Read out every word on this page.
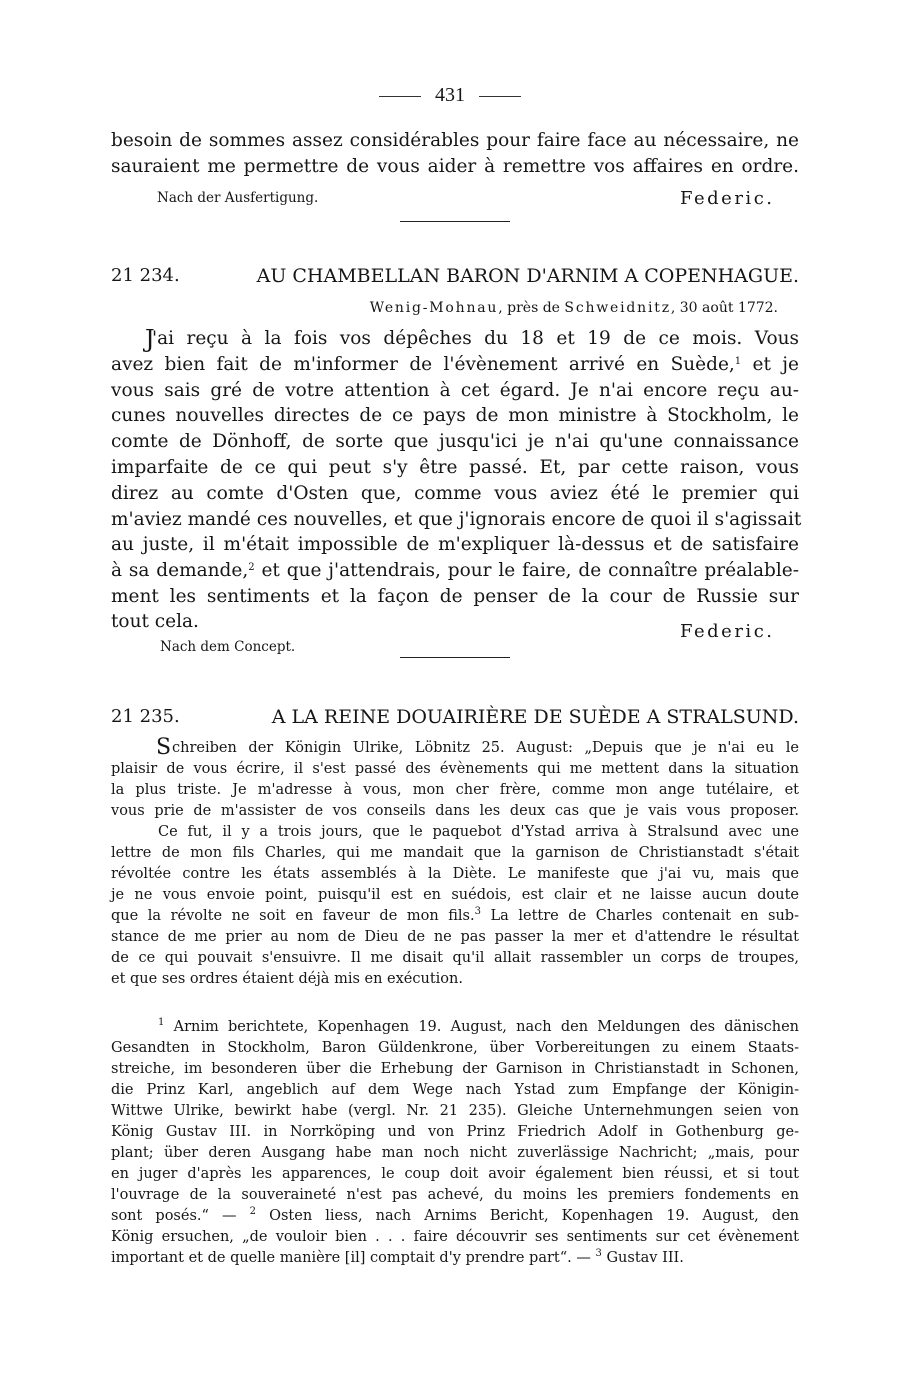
431
besoin de sommes assez considérables pour faire face au nécessaire, ne
sauraient me permettre de vous aider à remettre vos affaires en ordre.
Nach der Ausfertigung.	Federic.
21 234.	AU CHAMBELLAN BARON D'ARNIM A COPENHAGUE.
Wenig-Mohnau, près de Schweidnitz, 30 août 1772.
J
'ai reçu à la fois vos dépêches du 18 et 19 de ce mois. Vous
avez bien fait de m'informer de l'évènement arrivé en Suède,$^1$ et je
vous sais gré de votre attention à cet égard. Je n'ai encore reçu au-
cunes nouvelles directes de ce pays de mon ministre à Stockholm, le
comte de Dönhoff, de sorte que jusqu'ici je n'ai qu'une connaissance
imparfaite de ce qui peut s'y être passé. Et, par cette raison, vous
direz au comte d'Osten que, comme vous aviez été le premier qui
m'aviez mandé ces nouvelles, et que j'ignorais encore de quoi il s'agissait
au juste, il m'était impossible de m'expliquer là-dessus et de satisfaire
à sa demande,$^2$ et que j'attendrais, pour le faire, de connaître préalable-
ment les sentiments et la façon de penser de la cour de Russie sur
tout cela.
Nach dem Concept.
Federic.
21 235.	A LA REINE DOUAIRIÈRE DE SUÈDE A STRALSUND.
S chreiben der Königin Ulrike, Löbnitz 25. August: „Depuis que je n'ai eu le
plaisir de vous écrire, il s'est passé des évènements qui me mettent dans la situation
la plus triste. Je m'adresse à vous, mon cher frère, comme mon ange tutélaire, et
vous prie de m'assister de vos conseils dans les deux cas que je vais vous proposer.
Ce fut, il y a trois jours, que le paquebot d'Ystad arriva à Stralsund avec une
lettre de mon fils Charles, qui me mandait que la garnison de Christianstadt s'était
révoltée contre les états assemblés à la Diète. Le manifeste que j'ai vu, mais que
je ne vous envoie point, puisqu'il est en suédois, est clair et ne laisse aucun doute
que la révolte ne soit en faveur de mon fils.$^3$ La lettre de Charles contenait en sub-
stance de me prier au nom de Dieu de ne pas passer la mer et d'attendre le résultat
de ce qui pouvait s'ensuivre. Il me disait qu'il allait rassembler un corps de troupes,
et que ses ordres étaient déjà mis en exécution.
$^1$ Arnim berichtete, Kopenhagen 19. August, nach den Meldungen des dänischen
Gesandten in Stockholm, Baron Güldenkrone, über Vorbereitungen zu einem Staats-
streiche, im besonderen über die Erhebung der Garnison in Christianstadt in Schonen,
die Prinz Karl, angeblich auf dem Wege nach Ystad zum Empfange der Königin-
Wittwe Ulrike, bewirkt habe (vergl. Nr. 21 235). Gleiche Unternehmungen seien von
König Gustav III. in Norrköping und von Prinz Friedrich Adolf in Gothenburg ge-
plant; über deren Ausgang habe man noch nicht zuverlässige Nachricht; „mais, pour
en juger d'après les apparences, le coup doit avoir également bien réussi, et si tout
l'ouvrage de la souveraineté n'est pas achevé, du moins les premiers fondements en
sont posés.“ — $^2$ Osten liess, nach Arnims Bericht, Kopenhagen 19. August, den
König ersuchen, „de vouloir bien . . . faire découvrir ses sentiments sur cet évènement
important et de quelle manière [il] comptait d'y prendre part“. — $^3$ Gustav III.
